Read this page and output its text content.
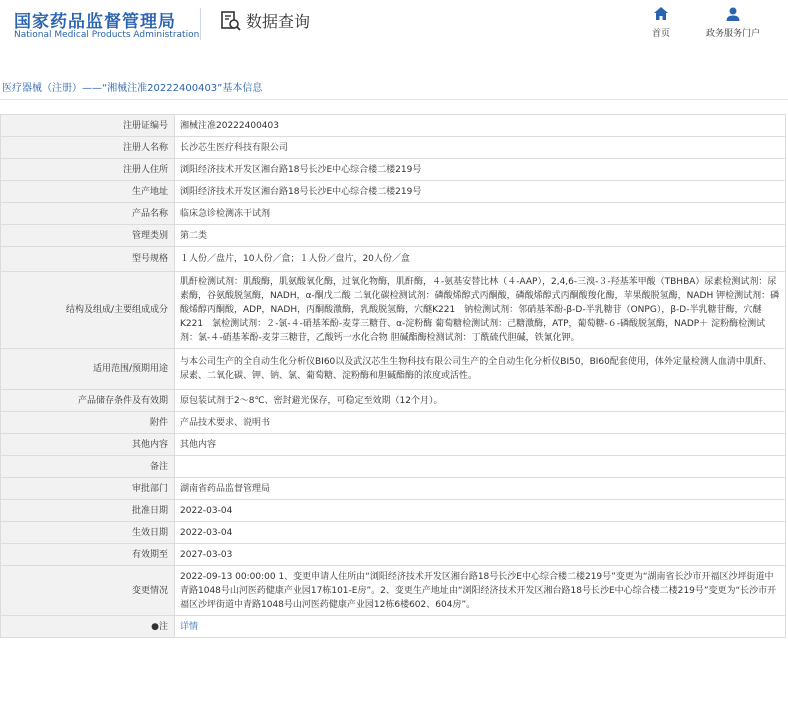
国家药品监督管理局
National Medical Products Administration
数据查询
首页	政务服务门户
医疗器械（注册）——“湘械注准20222400403”基本信息
注册证编号	湘械注准20222400403
注册人名称	长沙芯生医疗科技有限公司
注册人住所	浏阳经济技术开发区湘台路18号长沙E中心综合楼二楼219号
生产地址	浏阳经济技术开发区湘台路18号长沙E中心综合楼二楼219号
产品名称	临床急诊检测冻干试剂
管理类别	第二类
型号规格	１人份／盘片，10人份／盒；１人份／盘片，20人份／盒
结构及组成/主要组成成分	肌酐检测试剂：肌酸酶，肌氨酸氧化酶，过氧化物酶，肌酐酶，４-氨基安替比林（４-AAP），2,4,6-三溴-３-羟基苯甲酸（TBHBA）尿素检测试剂：尿素酶，谷氨酸脱氢酶，NADH，α-酮戊二酸 二氧化碳检测试剂：磷酸烯醇式丙酮酸，磷酸烯醇式丙酮酸羧化酶，苹果酸脱氢酶，NADH 钾检测试剂：磷酸烯醇丙酮酸，ADP，NADH，丙酮酸激酶，乳酸脱氢酶，穴醚K221　钠检测试剂：邻硝基苯酚-β-D-半乳糖苷（ONPG），β-D-半乳糖苷酶，穴醚K221　氯检测试剂：２-氯-４-硝基苯酚-麦芽三糖苷、α-淀粉酶 葡萄糖检测试剂：己糖激酶，ATP，葡萄糖-６-磷酸脱氢酶，NADP＋ 淀粉酶检测试剂：氯-４-硝基苯酚-麦芽三糖苷，乙酸钙一水化合物 胆碱酯酶检测试剂：丁酰硫代胆碱，铁氰化钾。
适用范围/预期用途	与本公司生产的全自动生化分析仪BI60以及武汉芯生生物科技有限公司生产的全自动生化分析仪BI50，BI60配套使用，体外定量检测人血清中肌酐、尿素、二氧化碳、钾、钠、氯、葡萄糖、淀粉酶和胆碱酯酶的浓度或活性。
产品储存条件及有效期	原包装试剂于2～8℃、密封避光保存，可稳定至效期（12个月）。
附件	产品技术要求、说明书
其他内容	其他内容
备注	
审批部门	湖南省药品监督管理局
批准日期	2022-03-04
生效日期	2022-03-04
有效期至	2027-03-03
变更情况	2022-09-13 00:00:00 1、变更申请人住所由“浏阳经济技术开发区湘台路18号长沙E中心综合楼二楼219号”变更为“湖南省长沙市开福区沙坪街道中青路1048号山河医药健康产业园17栋101-E房”。2、变更生产地址由“浏阳经济技术开发区湘台路18号长沙E中心综合楼二楼219号”变更为“长沙市开福区沙坪街道中青路1048号山河医药健康产业园12栋6楼602、604房”。
●注	详情
